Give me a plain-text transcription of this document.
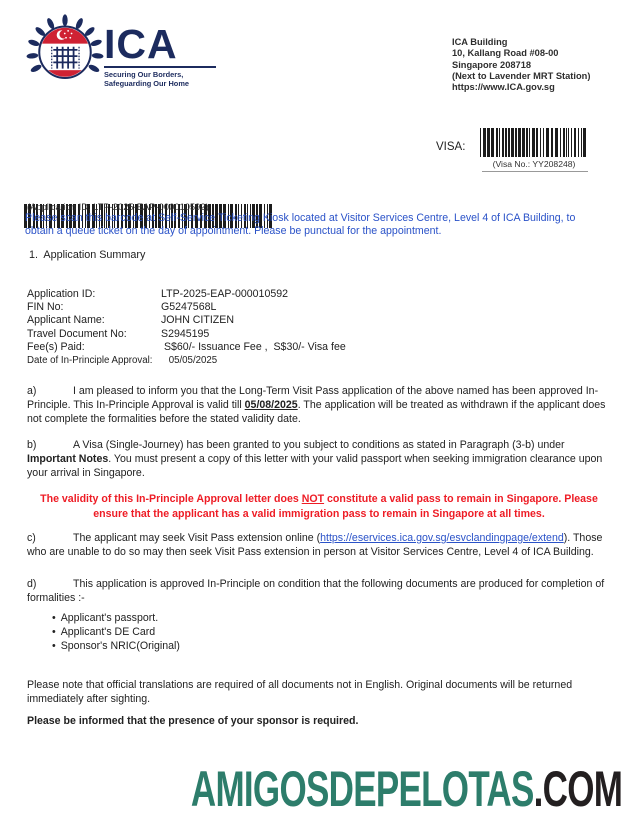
ICA
Securing Our Borders,
Safeguarding Our Home
ICA Building
10, Kallang Road #08-00
Singapore 208718
(Next to Lavender MRT Station)
https://www.ICA.gov.sg
VISA:
(Visa No.: YY208248)
(Application ID: LTP-2025-EAP-000010592)
Please scan this barcode at Self-Service Ticketing Kiosk located at Visitor Services Centre, Level 4 of ICA Building, to obtain a queue ticket on the day of appointment. Please be punctual for the appointment.
1.  Application Summary
Application ID:	LTP-2025-EAP-000010592
FIN No:	G5247568L
Applicant Name:	JOHN CITIZEN
Travel Document No:	S2945195
Fee(s) Paid:	S$60/- Issuance Fee ,  S$30/- Visa fee
Date of In-Principle Approval:	05/05/2025
a)	I am pleased to inform you that the Long-Term Visit Pass application of the above named has been approved In-Principle. This In-Principle Approval is valid till 05/08/2025. The application will be treated as withdrawn if the applicant does not complete the formalities before the stated validity date.
b)	A Visa (Single-Journey) has been granted to you subject to conditions as stated in Paragraph (3-b) under Important Notes. You must present a copy of this letter with your valid passport when seeking immigration clearance upon your arrival in Singapore.
The validity of this In-Principle Approval letter does NOT constitute a valid pass to remain in Singapore. Please ensure that the applicant has a valid immigration pass to remain in Singapore at all times.
c)	The applicant may seek Visit Pass extension online (https://eservices.ica.gov.sg/esvclandingpage/extend). Those who are unable to do so may then seek Visit Pass extension in person at Visitor Services Centre, Level 4 of ICA Building.
d)	This application is approved In-Principle on condition that the following documents are produced for completion of formalities :-
• Applicant's passport.
• Applicant's DE Card
• Sponsor's NRIC(Original)
Please note that official translations are required of all documents not in English. Original documents will be returned immediately after sighting.
Please be informed that the presence of your sponsor is required.
AMIGOSDEPELOTAS.COM
